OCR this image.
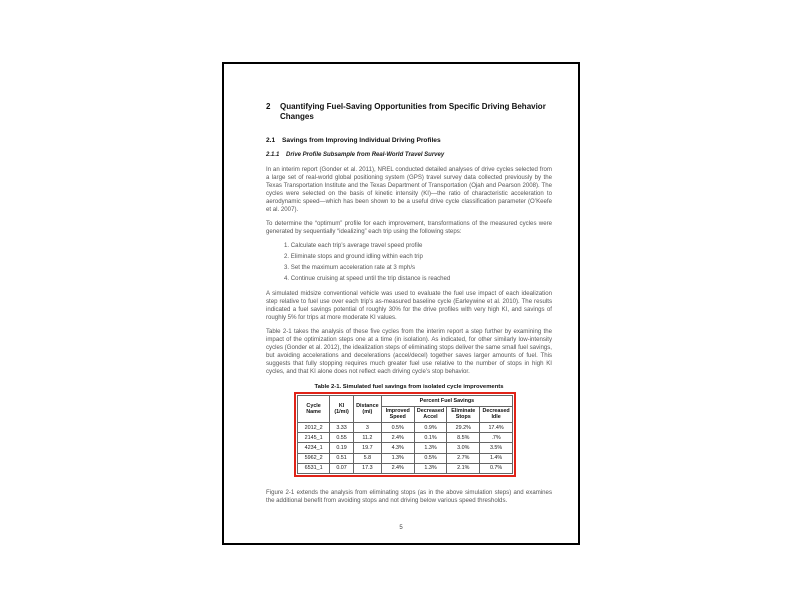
2	Quantifying Fuel-Saving Opportunities from Specific Driving Behavior Changes
2.1	Savings from Improving Individual Driving Profiles
2.1.1	Drive Profile Subsample from Real-World Travel Survey

In an interim report (Gonder et al. 2011), NREL conducted detailed analyses of drive cycles selected from a large set of real-world global positioning system (GPS) travel survey data collected previously by the Texas Transportation Institute and the Texas Department of Transportation (Ojah and Pearson 2008). The cycles were selected on the basis of kinetic intensity (KI)—the ratio of characteristic acceleration to aerodynamic speed—which has been shown to be a useful drive cycle classification parameter (O’Keefe et al. 2007).

To determine the “optimum” profile for each improvement, transformations of the measured cycles were generated by sequentially “idealizing” each trip using the following steps:

1. Calculate each trip’s average travel speed profile
2. Eliminate stops and ground idling within each trip
3. Set the maximum acceleration rate at 3 mph/s
4. Continue cruising at speed until the trip distance is reached

A simulated midsize conventional vehicle was used to evaluate the fuel use impact of each idealization step relative to fuel use over each trip’s as-measured baseline cycle (Earleywine et al. 2010). The results indicated a fuel savings potential of roughly 30% for the drive profiles with very high KI, and savings of roughly 5% for trips at more moderate KI values.

Table 2-1 takes the analysis of these five cycles from the interim report a step further by examining the impact of the optimization steps one at a time (in isolation). As indicated, for other similarly low-intensity cycles (Gonder et al. 2012), the idealization steps of eliminating stops deliver the same small fuel savings, but avoiding accelerations and decelerations (accel/decel) together saves larger amounts of fuel. This suggests that fully stopping requires much greater fuel use relative to the number of stops in high KI cycles, and that KI alone does not reflect each driving cycle’s stop behavior.

Table 2-1. Simulated fuel savings from isolated cycle improvements
Cycle Name	KI (1/mi)	Distance (mi)	Percent Fuel Savings			
			Improved Speed	Decreased Accel	Eliminate Stops	Decreased Idle
2012_2	3.33	3	0.5%	0.9%	29.2%	17.4%
2145_1	0.55	11.2	2.4%	0.1%	8.5%	.7%
4234_1	0.19	19.7	4.3%	1.3%	3.0%	3.5%
5962_2	0.51	5.8	1.3%	0.5%	2.7%	1.4%
6531_1	0.07	17.3	2.4%	1.3%	2.1%	0.7%

Figure 2-1 extends the analysis from eliminating stops (as in the above simulation steps) and examines the additional benefit from avoiding stops and not driving below various speed thresholds.

5
